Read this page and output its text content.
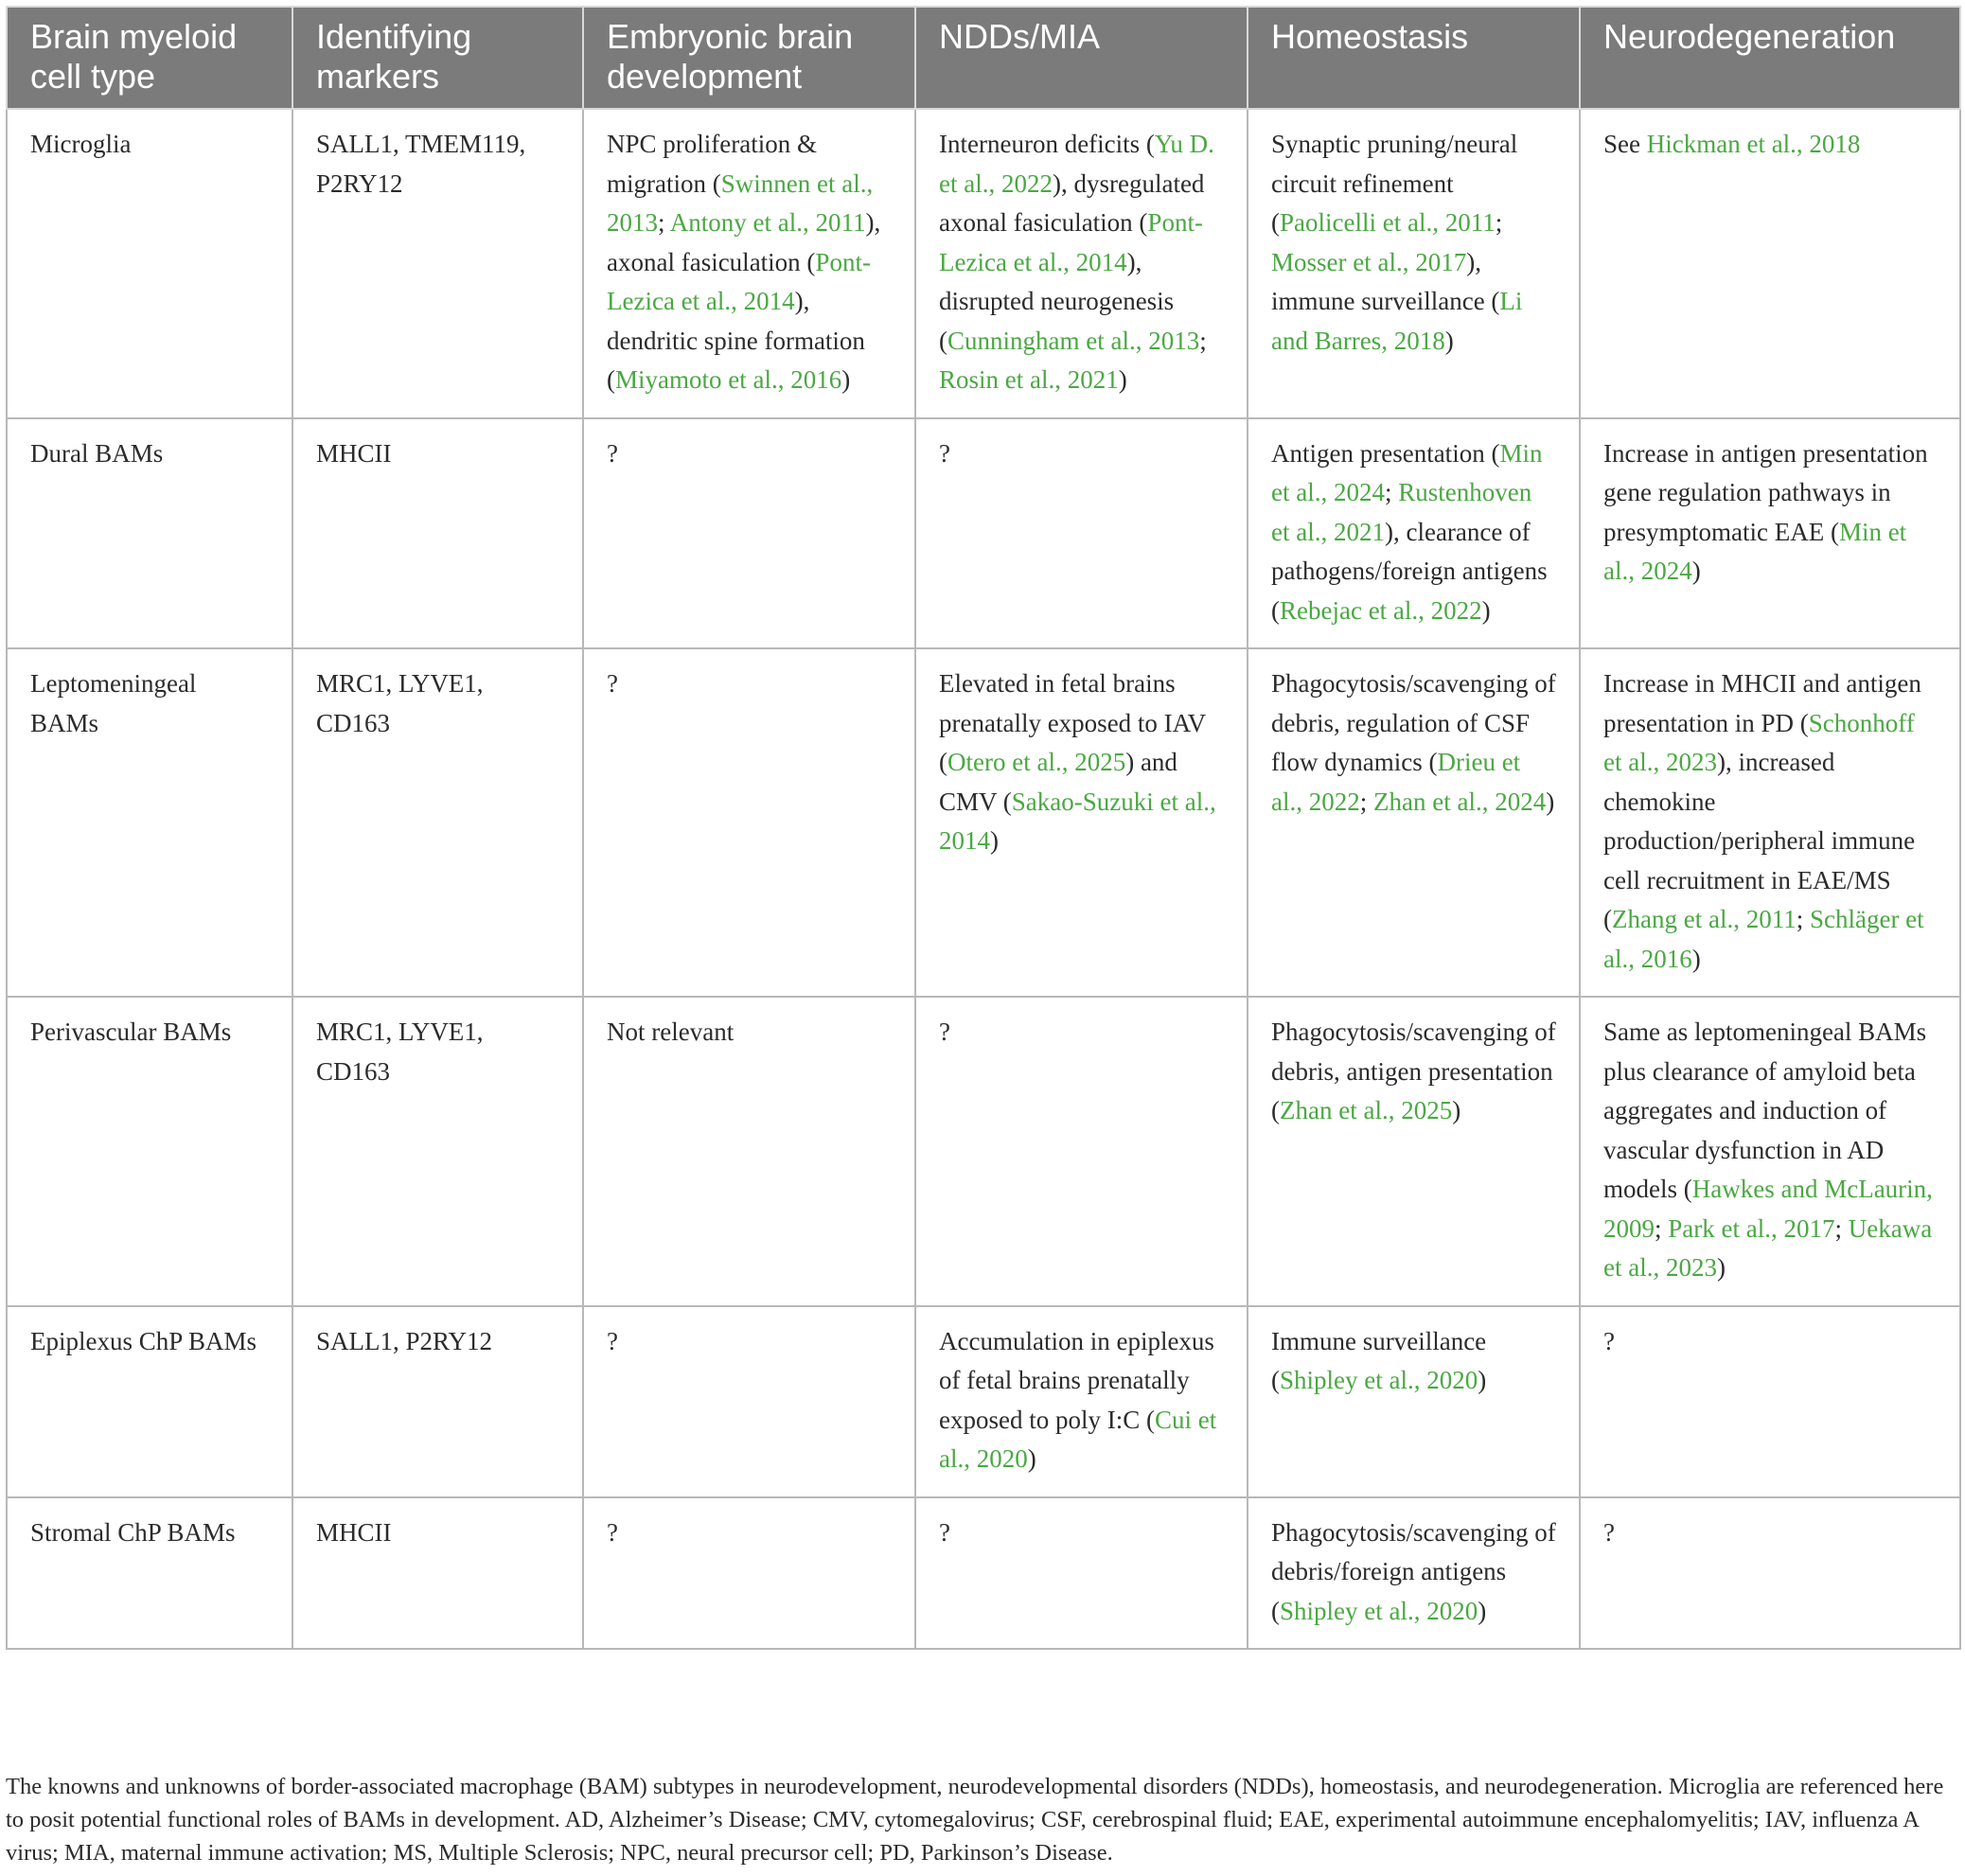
Brain myeloid cell type	Identifying markers	Embryonic brain development	NDDs/MIA	Homeostasis	Neurodegeneration
Microglia	SALL1, TMEM119, P2RY12	NPC proliferation & migration (Swinnen et al., 2013; Antony et al., 2011), axonal fasiculation (Pont-Lezica et al., 2014), dendritic spine formation (Miyamoto et al., 2016)	Interneuron deficits (Yu D. et al., 2022), dysregulated axonal fasiculation (Pont-Lezica et al., 2014), disrupted neurogenesis (Cunningham et al., 2013; Rosin et al., 2021)	Synaptic pruning/neural circuit refinement (Paolicelli et al., 2011; Mosser et al., 2017), immune surveillance (Li and Barres, 2018)	See Hickman et al., 2018
Dural BAMs	MHCII	?	?	Antigen presentation (Min et al., 2024; Rustenhoven et al., 2021), clearance of pathogens/foreign antigens (Rebejac et al., 2022)	Increase in antigen presentation gene regulation pathways in presymptomatic EAE (Min et al., 2024)
Leptomeningeal BAMs	MRC1, LYVE1, CD163	?	Elevated in fetal brains prenatally exposed to IAV (Otero et al., 2025) and CMV (Sakao-Suzuki et al., 2014)	Phagocytosis/scavenging of debris, regulation of CSF flow dynamics (Drieu et al., 2022; Zhan et al., 2024)	Increase in MHCII and antigen presentation in PD (Schonhoff et al., 2023), increased chemokine production/peripheral immune cell recruitment in EAE/MS (Zhang et al., 2011; Schläger et al., 2016)
Perivascular BAMs	MRC1, LYVE1, CD163	Not relevant	?	Phagocytosis/scavenging of debris, antigen presentation (Zhan et al., 2025)	Same as leptomeningeal BAMs plus clearance of amyloid beta aggregates and induction of vascular dysfunction in AD models (Hawkes and McLaurin, 2009; Park et al., 2017; Uekawa et al., 2023)
Epiplexus ChP BAMs	SALL1, P2RY12	?	Accumulation in epiplexus of fetal brains prenatally exposed to poly I:C (Cui et al., 2020)	Immune surveillance (Shipley et al., 2020)	?
Stromal ChP BAMs	MHCII	?	?	Phagocytosis/scavenging of debris/foreign antigens (Shipley et al., 2020)	?
The knowns and unknowns of border-associated macrophage (BAM) subtypes in neurodevelopment, neurodevelopmental disorders (NDDs), homeostasis, and neurodegeneration. Microglia are referenced here to posit potential functional roles of BAMs in development. AD, Alzheimer’s Disease; CMV, cytomegalovirus; CSF, cerebrospinal fluid; EAE, experimental autoimmune encephalomyelitis; IAV, influenza A virus; MIA, maternal immune activation; MS, Multiple Sclerosis; NPC, neural precursor cell; PD, Parkinson’s Disease.
